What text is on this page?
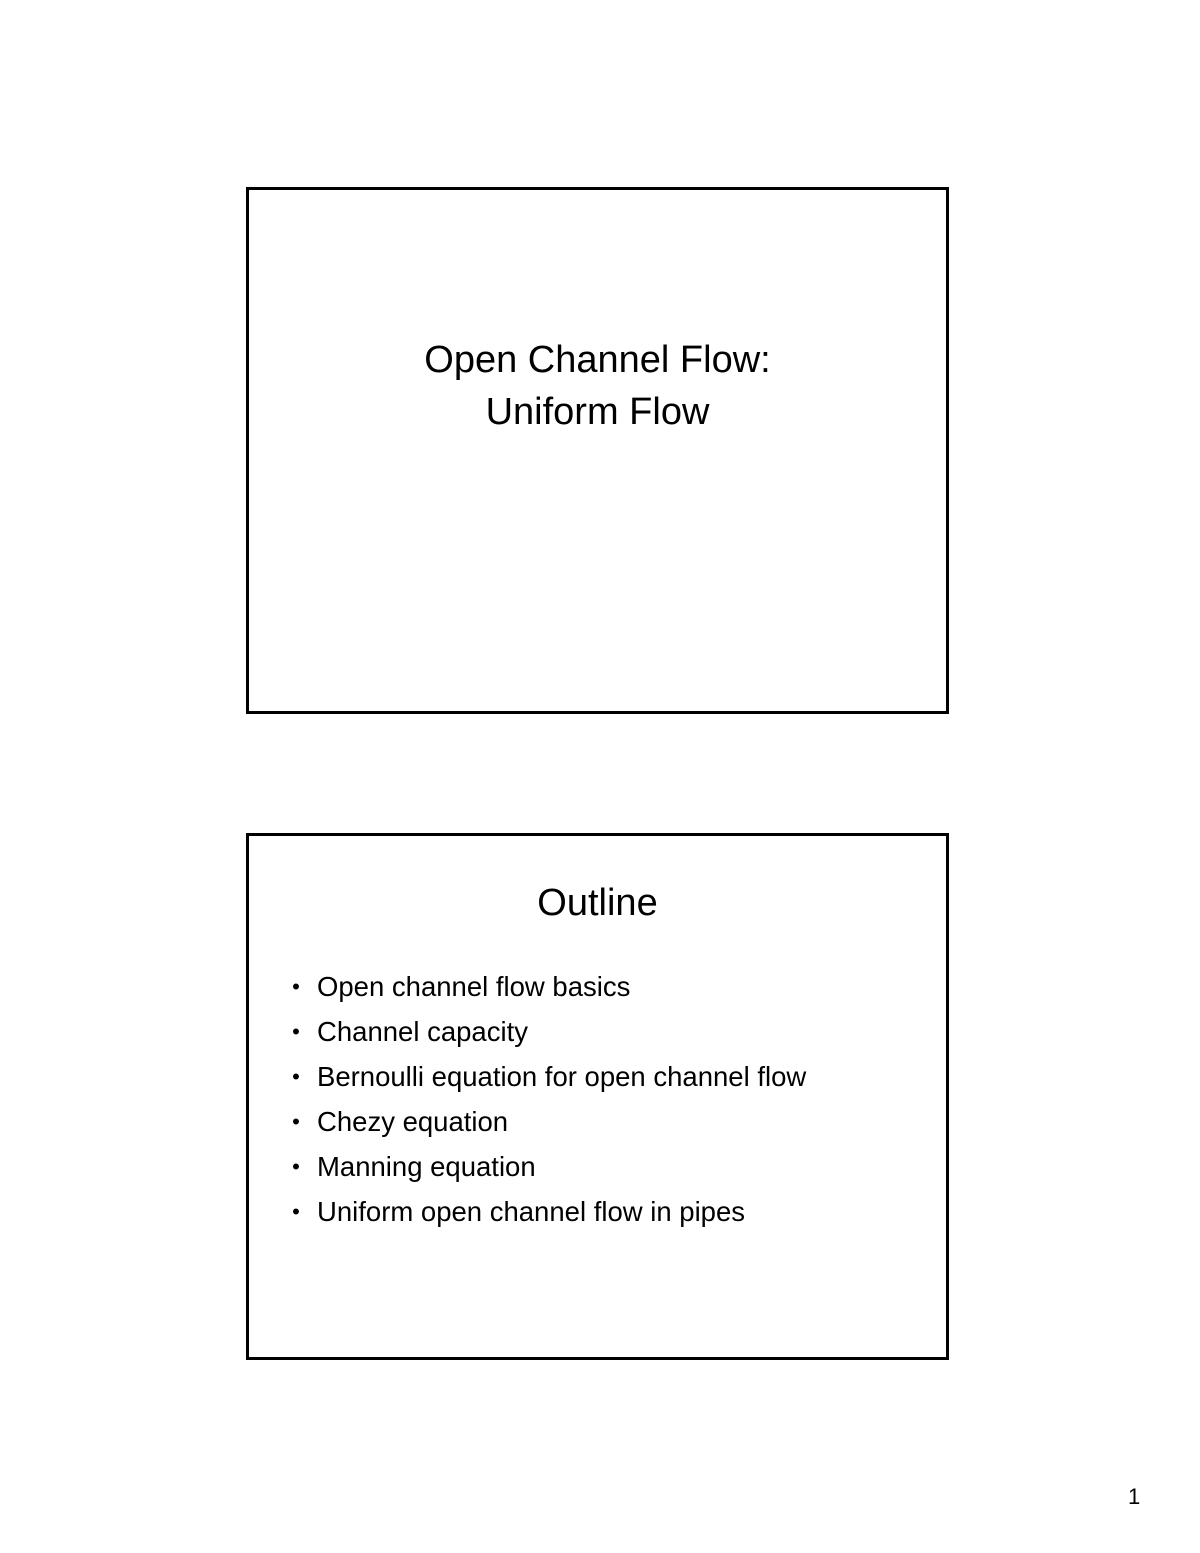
Open Channel Flow:
Uniform Flow
Outline
• Open channel flow basics
• Channel capacity
• Bernoulli equation for open channel flow
• Chezy equation
• Manning equation
• Uniform open channel flow in pipes
1
